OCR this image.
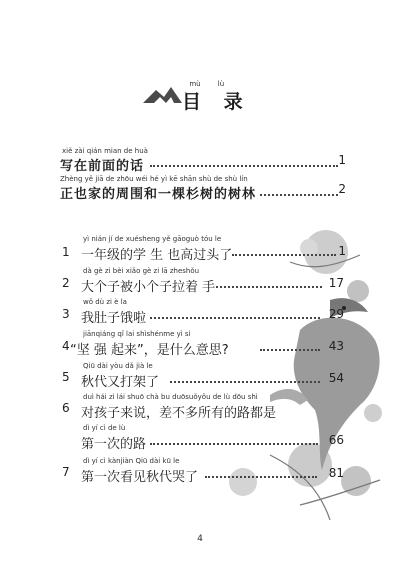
mù lù
目 录
xiě zài qián mian de huà
写在前面的话	1
Zhèng yě jiā de zhōu wéi hé yì kē shān shù de shù lín
正也家的周围和一棵杉树的树林	2
1
yì nián jí de xuésheng yě gāoguò tóu le
一年级的学 生 也高过头了	1
2
dà gè zi bèi xiǎo gè zi lā zheshǒu
大个子被小个子拉着 手	17
3
wǒ dù zi è la
我肚子饿啦	29
4
jiānqiáng qǐ lai shìshénme yì si
“坚 强 起来”，是什么意思?	43
5
Qiū dài yòu dǎ jià le
秋代又打架了	54
6
duì hái zi lái shuō chà bu duōsuǒyǒu de lù dōu shì
对孩子来说，差不多所有的路都是
dì yí cì de lù
第一次的路	66
7
dì yí cì kànjiàn Qiū dài kū le
第一次看见秋代哭了	81
4
